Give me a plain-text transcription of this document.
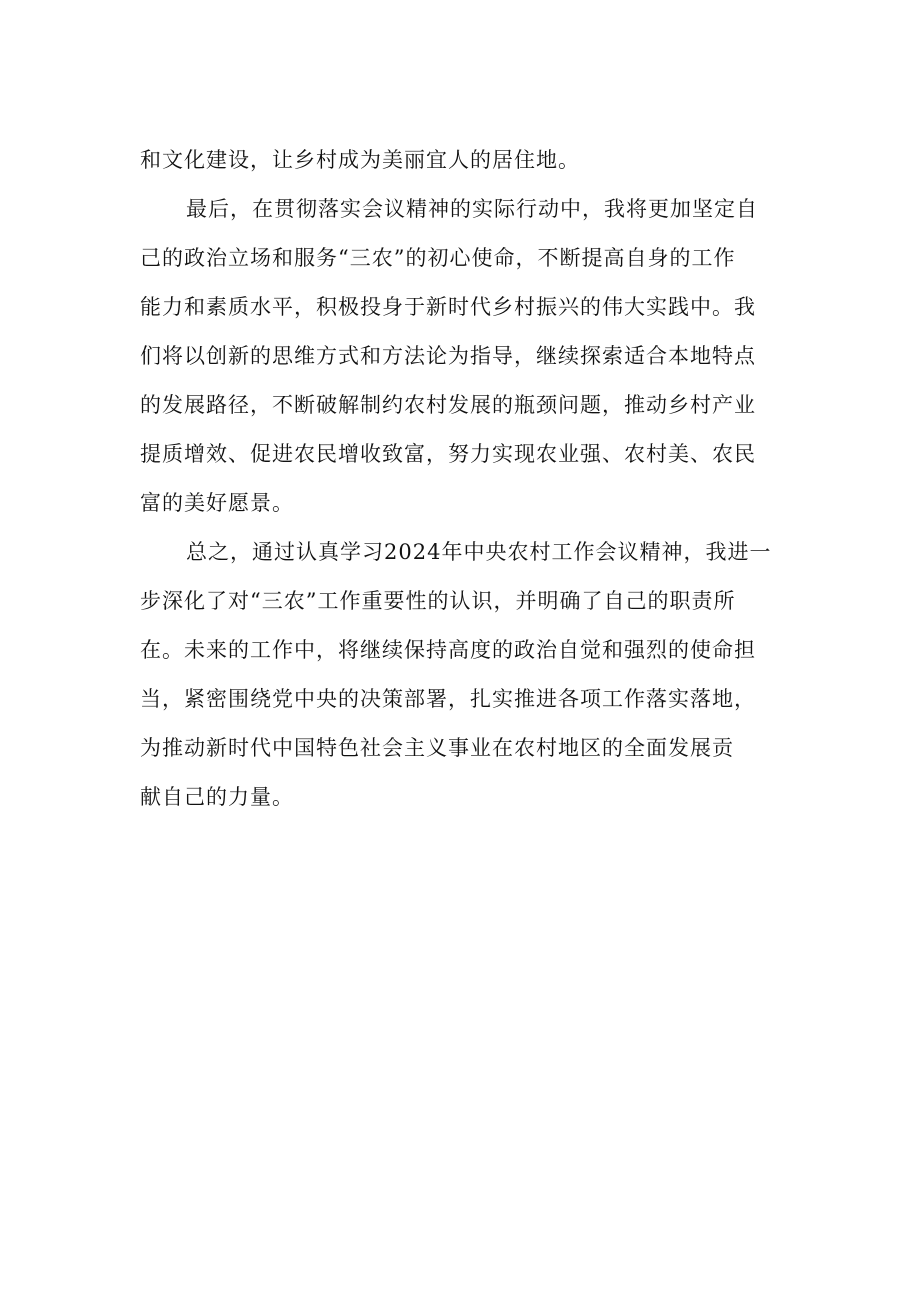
和文化建设，让乡村成为美丽宜人的居住地。

最后，在贯彻落实会议精神的实际行动中，我将更加坚定自
己的政治立场和服务“三农”的初心使命，不断提高自身的工作
能力和素质水平，积极投身于新时代乡村振兴的伟大实践中。我
们将以创新的思维方式和方法论为指导，继续探索适合本地特点
的发展路径，不断破解制约农村发展的瓶颈问题，推动乡村产业
提质增效、促进农民增收致富，努力实现农业强、农村美、农民
富的美好愿景。

总之，通过认真学习2024年中央农村工作会议精神，我进一
步深化了对“三农”工作重要性的认识，并明确了自己的职责所
在。未来的工作中，将继续保持高度的政治自觉和强烈的使命担
当，紧密围绕党中央的决策部署，扎实推进各项工作落实落地，
为推动新时代中国特色社会主义事业在农村地区的全面发展贡
献自己的力量。
